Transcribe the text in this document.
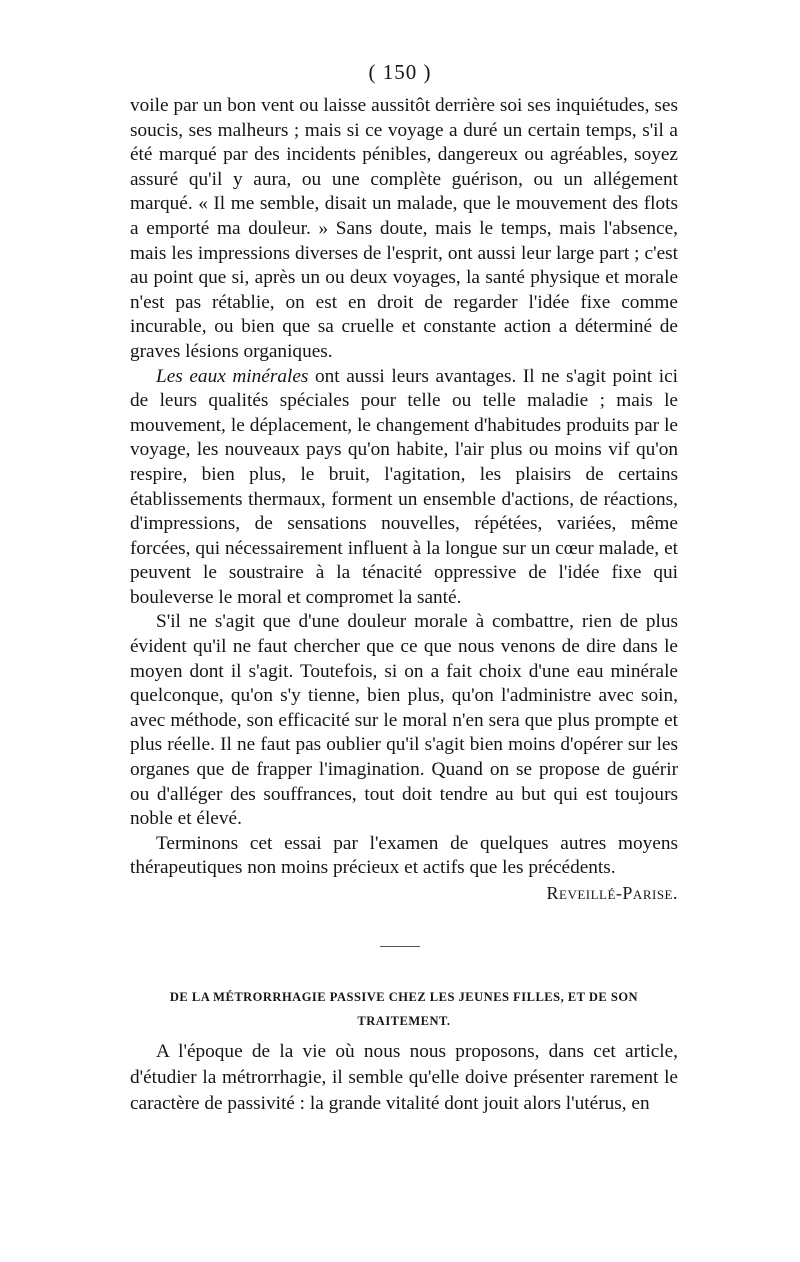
( 150 )

voile par un bon vent ou laisse aussitôt derrière soi ses inquiétudes, ses soucis, ses malheurs ; mais si ce voyage a duré un certain temps, s'il a été marqué par des incidents pénibles, dangereux ou agréables, soyez assuré qu'il y aura, ou une complète guérison, ou un allégement marqué. « Il me semble, disait un malade, que le mouvement des flots a emporté ma douleur. » Sans doute, mais le temps, mais l'absence, mais les impressions diverses de l'esprit, ont aussi leur large part ; c'est au point que si, après un ou deux voyages, la santé physique et morale n'est pas rétablie, on est en droit de regarder l'idée fixe comme incurable, ou bien que sa cruelle et constante action a déterminé de graves lésions organiques.

Les eaux minérales ont aussi leurs avantages. Il ne s'agit point ici de leurs qualités spéciales pour telle ou telle maladie ; mais le mouvement, le déplacement, le changement d'habitudes produits par le voyage, les nouveaux pays qu'on habite, l'air plus ou moins vif qu'on respire, bien plus, le bruit, l'agitation, les plaisirs de certains établissements thermaux, forment un ensemble d'actions, de réactions, d'impressions, de sensations nouvelles, répétées, variées, même forcées, qui nécessairement influent à la longue sur un cœur malade, et peuvent le soustraire à la ténacité oppressive de l'idée fixe qui bouleverse le moral et compromet la santé.

S'il ne s'agit que d'une douleur morale à combattre, rien de plus évident qu'il ne faut chercher que ce que nous venons de dire dans le moyen dont il s'agit. Toutefois, si on a fait choix d'une eau minérale quelconque, qu'on s'y tienne, bien plus, qu'on l'administre avec soin, avec méthode, son efficacité sur le moral n'en sera que plus prompte et plus réelle. Il ne faut pas oublier qu'il s'agit bien moins d'opérer sur les organes que de frapper l'imagination. Quand on se propose de guérir ou d'alléger des souffrances, tout doit tendre au but qui est toujours noble et élevé.

Terminons cet essai par l'examen de quelques autres moyens thérapeutiques non moins précieux et actifs que les précédents.

Reveillé-Parise.

DE LA MÉTRORRHAGIE PASSIVE CHEZ LES JEUNES FILLES, ET DE SON
TRAITEMENT.

A l'époque de la vie où nous nous proposons, dans cet article, d'étudier la métrorrhagie, il semble qu'elle doive présenter rarement le caractère de passivité : la grande vitalité dont jouit alors l'utérus, en
